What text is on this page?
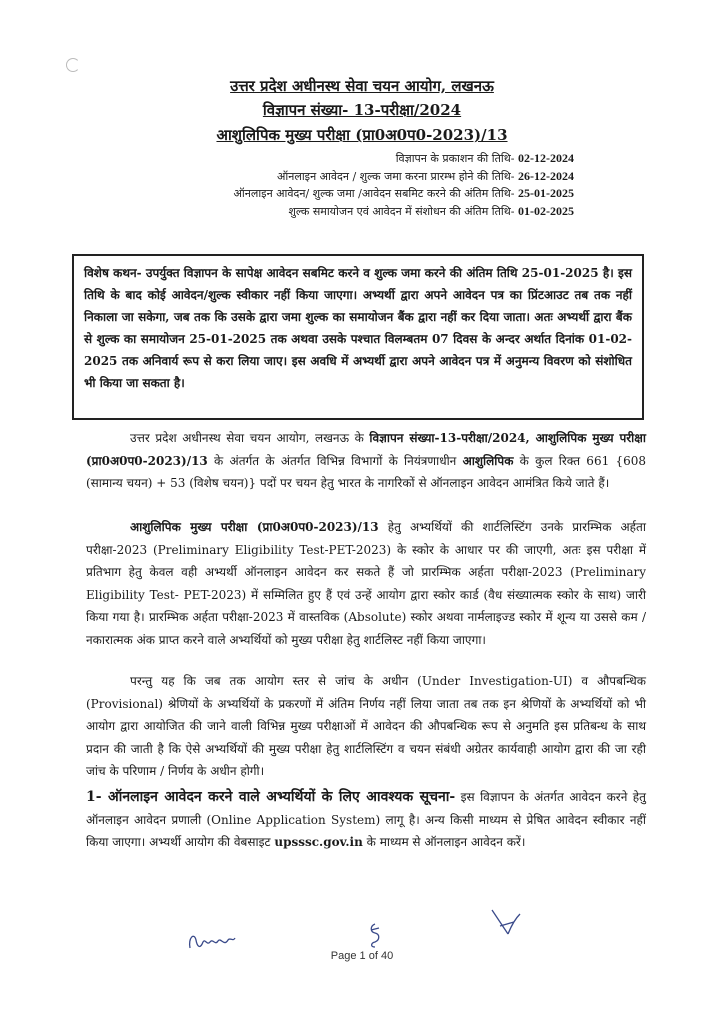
उत्तर प्रदेश अधीनस्थ सेवा चयन आयोग, लखनऊ
विज्ञापन संख्या- 13-परीक्षा/2024
आशुलिपिक मुख्य परीक्षा (प्रा0अ0प0-2023)/13
विज्ञापन के प्रकाशन की तिथि- 02-12-2024
ऑनलाइन आवेदन / शुल्क जमा करना प्रारम्भ होने की तिथि- 26-12-2024
ऑनलाइन आवेदन/ शुल्क जमा /आवेदन सबमिट करने की अंतिम तिथि- 25-01-2025
शुल्क समायोजन एवं आवेदन में संशोधन की अंतिम तिथि- 01-02-2025
विशेष कथन- उपर्युक्त विज्ञापन के सापेक्ष आवेदन सबमिट करने व शुल्क जमा करने की अंतिम तिथि 25-01-2025 है। इस तिथि के बाद कोई आवेदन/शुल्क स्वीकार नहीं किया जाएगा। अभ्यर्थी द्वारा अपने आवेदन पत्र का प्रिंटआउट तब तक नहीं निकाला जा सकेगा, जब तक कि उसके द्वारा जमा शुल्क का समायोजन बैंक द्वारा नहीं कर दिया जाता। अतः अभ्यर्थी द्वारा बैंक से शुल्क का समायोजन 25-01-2025 तक अथवा उसके पश्चात विलम्बतम 07 दिवस के अन्दर अर्थात दिनांक 01-02-2025 तक अनिवार्य रूप से करा लिया जाए। इस अवधि में अभ्यर्थी द्वारा अपने आवेदन पत्र में अनुमन्य विवरण को संशोधित भी किया जा सकता है।
उत्तर प्रदेश अधीनस्थ सेवा चयन आयोग, लखनऊ के विज्ञापन संख्या-13-परीक्षा/2024, आशुलिपिक मुख्य परीक्षा (प्रा0अ0प0-2023)/13 के अंतर्गत के अंतर्गत विभिन्न विभागों के नियंत्रणाधीन आशुलिपिक के कुल रिक्त 661 {608 (सामान्य चयन) + 53 (विशेष चयन)} पदों पर चयन हेतु भारत के नागरिकों से ऑनलाइन आवेदन आमंत्रित किये जाते हैं।
आशुलिपिक मुख्य परीक्षा (प्रा0अ0प0-2023)/13 हेतु अभ्यर्थियों की शार्टलिस्टिंग उनके प्रारम्भिक अर्हता परीक्षा-2023 (Preliminary Eligibility Test-PET-2023) के स्कोर के आधार पर की जाएगी, अतः इस परीक्षा में प्रतिभाग हेतु केवल वही अभ्यर्थी ऑनलाइन आवेदन कर सकते हैं जो प्रारम्भिक अर्हता परीक्षा-2023 (Preliminary Eligibility Test- PET-2023) में सम्मिलित हुए हैं एवं उन्हें आयोग द्वारा स्कोर कार्ड (वैध संख्यात्मक स्कोर के साथ) जारी किया गया है। प्रारम्भिक अर्हता परीक्षा-2023 में वास्तविक (Absolute) स्कोर अथवा नार्मलाइज्ड स्कोर में शून्य या उससे कम / नकारात्मक अंक प्राप्त करने वाले अभ्यर्थियों को मुख्य परीक्षा हेतु शार्टलिस्ट नहीं किया जाएगा।
परन्तु यह कि जब तक आयोग स्तर से जांच के अधीन (Under Investigation-UI) व औपबन्धिक (Provisional) श्रेणियों के अभ्यर्थियों के प्रकरणों में अंतिम निर्णय नहीं लिया जाता तब तक इन श्रेणियों के अभ्यर्थियों को भी आयोग द्वारा आयोजित की जाने वाली विभिन्न मुख्य परीक्षाओं में आवेदन की औपबन्धिक रूप से अनुमति इस प्रतिबन्ध के साथ प्रदान की जाती है कि ऐसे अभ्यर्थियों की मुख्य परीक्षा हेतु शार्टलिस्टिंग व चयन संबंधी अग्रेतर कार्यवाही आयोग द्वारा की जा रही जांच के परिणाम / निर्णय के अधीन होगी।
1- ऑनलाइन आवेदन करने वाले अभ्यर्थियों के लिए आवश्यक सूचना- इस विज्ञापन के अंतर्गत आवेदन करने हेतु ऑनलाइन आवेदन प्रणाली (Online Application System) लागू है। अन्य किसी माध्यम से प्रेषित आवेदन स्वीकार नहीं किया जाएगा। अभ्यर्थी आयोग की वेबसाइट upsssc.gov.in के माध्यम से ऑनलाइन आवेदन करें।
Page 1 of 40
